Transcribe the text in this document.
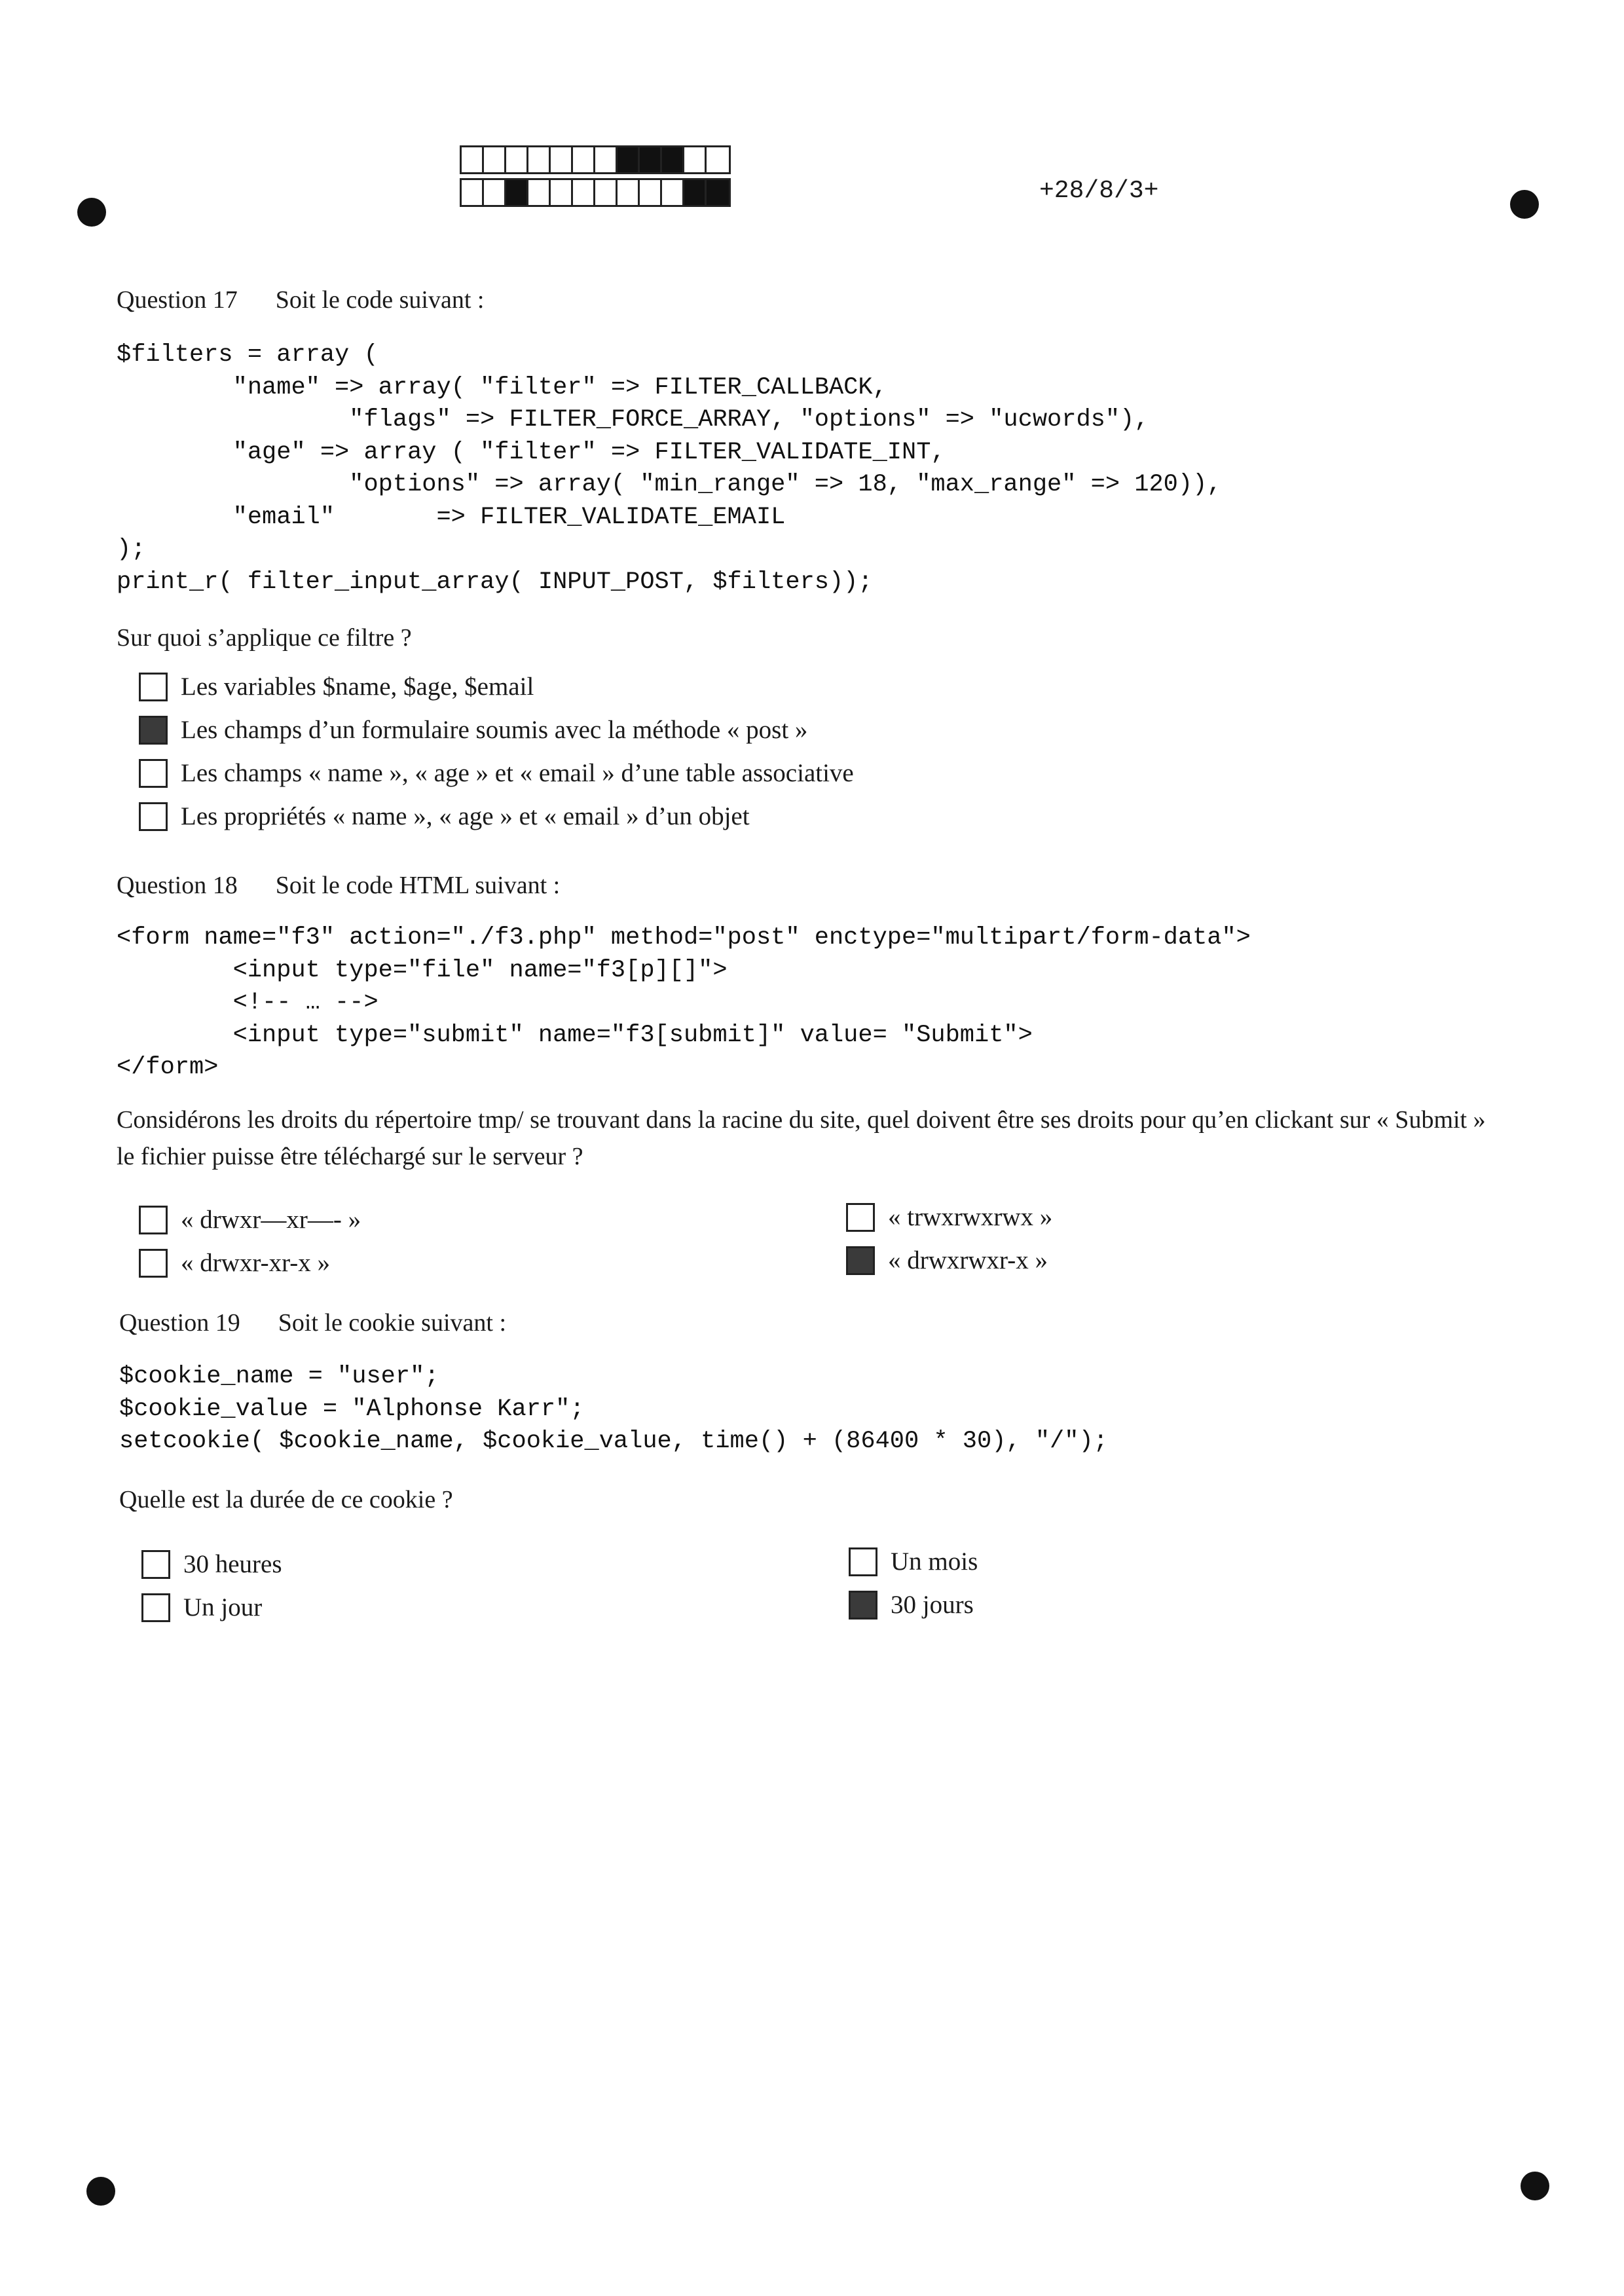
+28/8/3+
Question 17 Soit le code suivant :
$filters = array (
"name" => array( "filter" => FILTER_CALLBACK,
"flags" => FILTER_FORCE_ARRAY, "options" => "ucwords"),
"age" => array ( "filter" => FILTER_VALIDATE_INT,
"options" => array( "min_range" => 18, "max_range" => 120)),
"email"       => FILTER_VALIDATE_EMAIL
);
print_r( filter_input_array( INPUT_POST, $filters));
Sur quoi s’applique ce filtre ?
Les variables $name, $age, $email
Les champs d’un formulaire soumis avec la méthode « post »
Les champs « name », « age » et « email » d’une table associative
Les propriétés « name », « age » et « email » d’un objet
Question 18 Soit le code HTML suivant :
<form name="f3" action="./f3.php" method="post" enctype="multipart/form-data">
<input type="file" name="f3[p][]">
<!-- … -->
<input type="submit" name="f3[submit]" value= "Submit">
</form>
Considérons les droits du répertoire tmp/ se trouvant dans la racine du site, quel doivent être ses droits pour qu’en clickant sur « Submit » le fichier puisse être téléchargé sur le serveur ?
« drwxr—xr—- »
« drwxr-xr-x »
« trwxrwxrwx »
« drwxrwxr-x »
Question 19 Soit le cookie suivant :
$cookie_name = "user";
$cookie_value = "Alphonse Karr";
setcookie( $cookie_name, $cookie_value, time() + (86400 * 30), "/");
Quelle est la durée de ce cookie ?
30 heures
Un jour
Un mois
30 jours
